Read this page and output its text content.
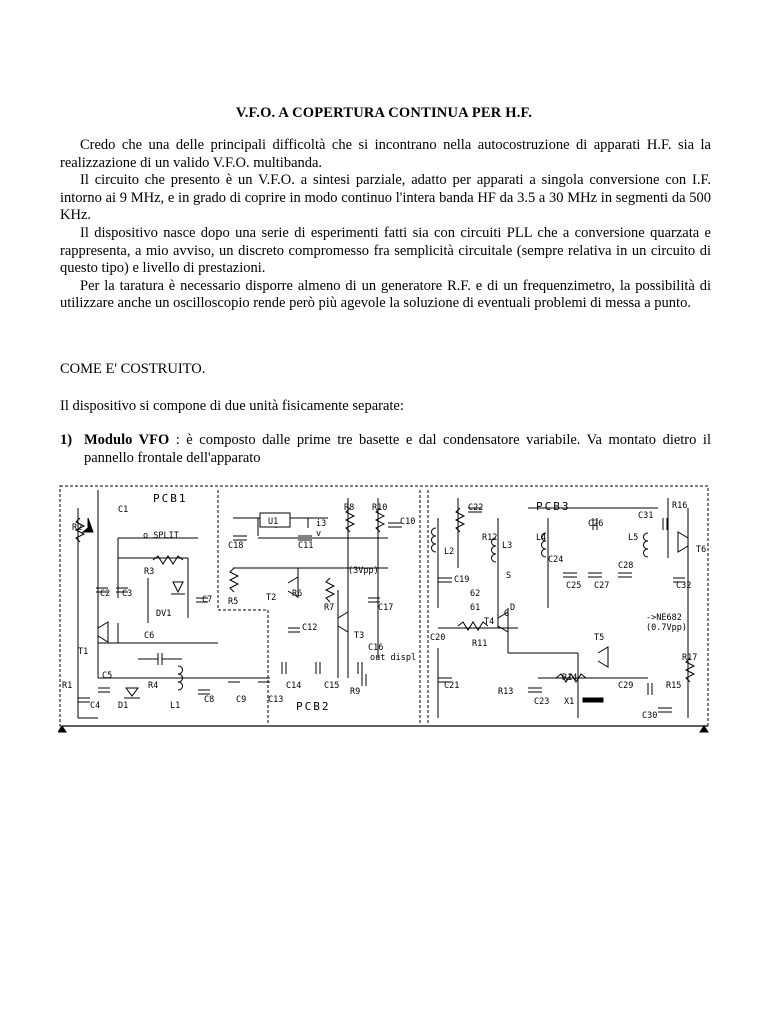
V.F.O. A COPERTURA CONTINUA PER H.F.

Credo che una delle principali difficoltà che si incontrano nella autocostruzione di apparati H.F. sia la realizzazione di un valido V.F.O. multibanda.

Il circuito che presento è un V.F.O. a sintesi parziale, adatto per apparati a singola conversione con I.F. intorno ai 9 MHz, e in grado di coprire in modo continuo l'intera banda HF da 3.5 a 30 MHz in segmenti da 500 KHz.

Il dispositivo nasce dopo una serie di esperimenti fatti sia con circuiti PLL che a conversione quarzata e rappresenta, a mio avviso, un discreto compromesso fra semplicità circuitale (sempre relativa in un circuito di questo tipo) e livello di prestazioni.

Per la taratura è necessario disporre almeno di un generatore R.F. e di un frequenzimetro, la possibilità di utilizzare anche un oscilloscopio rende però più agevole la soluzione di eventuali problemi di messa a punto.

COME E' COSTRUITO.
Il dispositivo si compone di due unità fisicamente separate:
1) Modulo VFO : è composto dalle prime tre basette e dal condensatore variabile. Va montato dietro il pannello frontale dell'apparato
PCB1
PCB2
PCB3
o SPLIT
(3Vpp)
out displ
->NE682
(0.7Vpp)
U1	i3
v
C1
R2
R3
DV1
C2 C3
C7
C6
T1
C5
R1
C4 D1
R4
L1
C8
C18	C11
R5	T2 R6
R7
C12
C9	C13
C14	C15
T3
C16
R9
R8 R10
C10
C17
C22
R12
L2
C19
62
61
C20
L3
T4
R11
C21
R13
C23
L4
C24
C25
C26
C27
C28
L5
C31
R16
T6
C32
R17
T5
R14
C29	R15
X1
C30
G
S
D
